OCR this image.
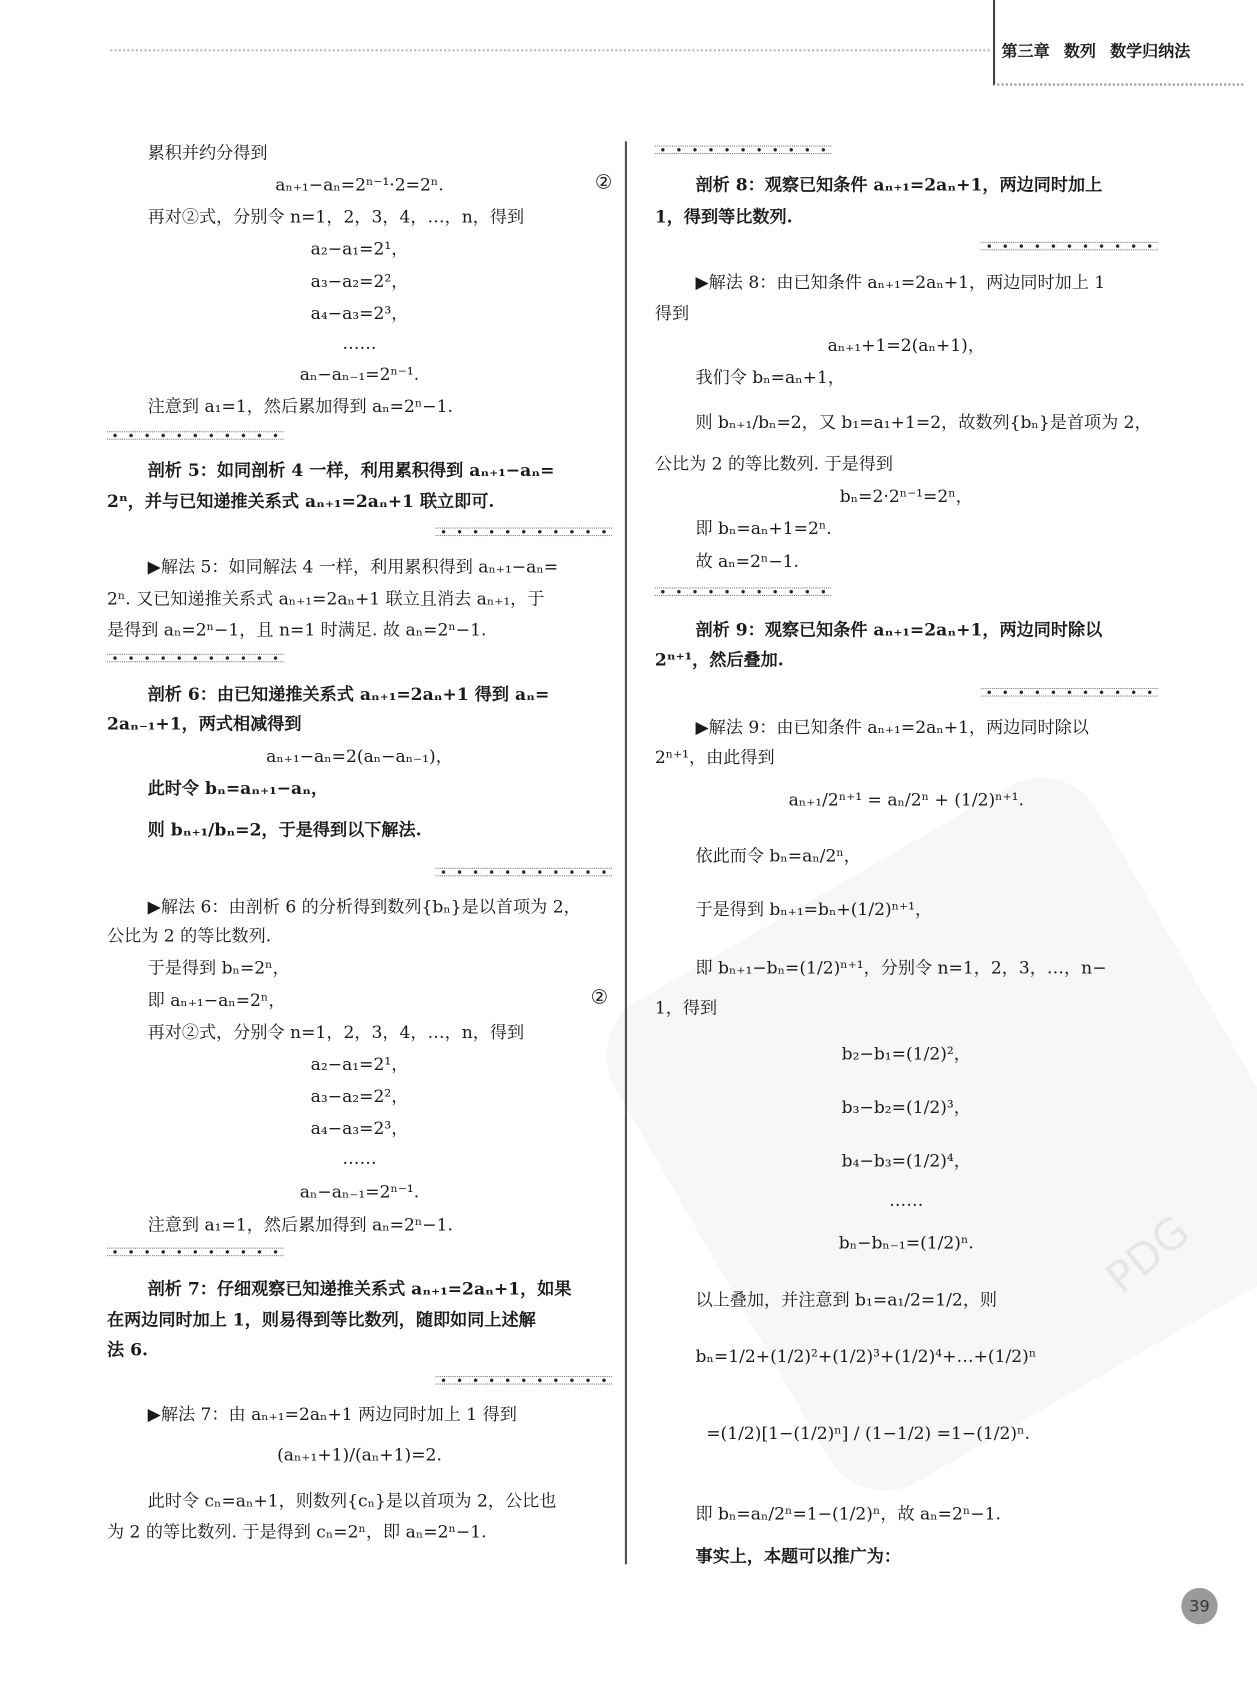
第三章 数列 数学归纳法
PDG
累积并约分得到
aₙ₊₁−aₙ=2ⁿ⁻¹·2=2ⁿ.	②
再对②式，分别令 n=1，2，3，4，…，n，得到
a₂−a₁=2¹，
a₃−a₂=2²，
a₄−a₃=2³，
……
aₙ−aₙ₋₁=2ⁿ⁻¹.
注意到 a₁=1，然后累加得到 aₙ=2ⁿ−1.
剖析 5：如同剖析 4 一样，利用累积得到 aₙ₊₁−aₙ=
2ⁿ，并与已知递推关系式 aₙ₊₁=2aₙ+1 联立即可.
▶解法 5：如同解法 4 一样，利用累积得到 aₙ₊₁−aₙ=
2ⁿ. 又已知递推关系式 aₙ₊₁=2aₙ+1 联立且消去 aₙ₊₁，于
是得到 aₙ=2ⁿ−1，且 n=1 时满足. 故 aₙ=2ⁿ−1.
剖析 6：由已知递推关系式 aₙ₊₁=2aₙ+1 得到 aₙ=
2aₙ₋₁+1，两式相减得到
aₙ₊₁−aₙ=2(aₙ−aₙ₋₁)，
此时令 bₙ=aₙ₊₁−aₙ，
则 bₙ₊₁/bₙ=2，于是得到以下解法.
▶解法 6：由剖析 6 的分析得到数列{bₙ}是以首项为 2，
公比为 2 的等比数列.
于是得到 bₙ=2ⁿ，
即 aₙ₊₁−aₙ=2ⁿ，	②
再对②式，分别令 n=1，2，3，4，…，n，得到
a₂−a₁=2¹，
a₃−a₂=2²，
a₄−a₃=2³，
……
aₙ−aₙ₋₁=2ⁿ⁻¹.
注意到 a₁=1，然后累加得到 aₙ=2ⁿ−1.
剖析 7：仔细观察已知递推关系式 aₙ₊₁=2aₙ+1，如果
在两边同时加上 1，则易得到等比数列，随即如同上述解
法 6.
▶解法 7：由 aₙ₊₁=2aₙ+1 两边同时加上 1 得到
(aₙ₊₁+1)/(aₙ+1)=2.
此时令 cₙ=aₙ+1，则数列{cₙ}是以首项为 2，公比也
为 2 的等比数列. 于是得到 cₙ=2ⁿ，即 aₙ=2ⁿ−1.
剖析 8：观察已知条件 aₙ₊₁=2aₙ+1，两边同时加上
1，得到等比数列.
▶解法 8：由已知条件 aₙ₊₁=2aₙ+1，两边同时加上 1
得到
aₙ₊₁+1=2(aₙ+1)，
我们令 bₙ=aₙ+1，
则 bₙ₊₁/bₙ=2，又 b₁=a₁+1=2，故数列{bₙ}是首项为 2，
公比为 2 的等比数列. 于是得到
bₙ=2·2ⁿ⁻¹=2ⁿ，
即 bₙ=aₙ+1=2ⁿ.
故 aₙ=2ⁿ−1.
剖析 9：观察已知条件 aₙ₊₁=2aₙ+1，两边同时除以
2ⁿ⁺¹，然后叠加.
▶解法 9：由已知条件 aₙ₊₁=2aₙ+1，两边同时除以
2ⁿ⁺¹，由此得到
aₙ₊₁/2ⁿ⁺¹ = aₙ/2ⁿ + (1/2)ⁿ⁺¹.
依此而令 bₙ=aₙ/2ⁿ，
于是得到 bₙ₊₁=bₙ+(1/2)ⁿ⁺¹，
即 bₙ₊₁−bₙ=(1/2)ⁿ⁺¹，分别令 n=1，2，3，…，n−
1，得到
b₂−b₁=(1/2)²，
b₃−b₂=(1/2)³，
b₄−b₃=(1/2)⁴，
……
bₙ−bₙ₋₁=(1/2)ⁿ.
以上叠加，并注意到 b₁=a₁/2=1/2，则
bₙ=1/2+(1/2)²+(1/2)³+(1/2)⁴+…+(1/2)ⁿ
=(1/2)[1−(1/2)ⁿ] / (1−1/2) =1−(1/2)ⁿ.
即 bₙ=aₙ/2ⁿ=1−(1/2)ⁿ，故 aₙ=2ⁿ−1.
事实上，本题可以推广为：
39
